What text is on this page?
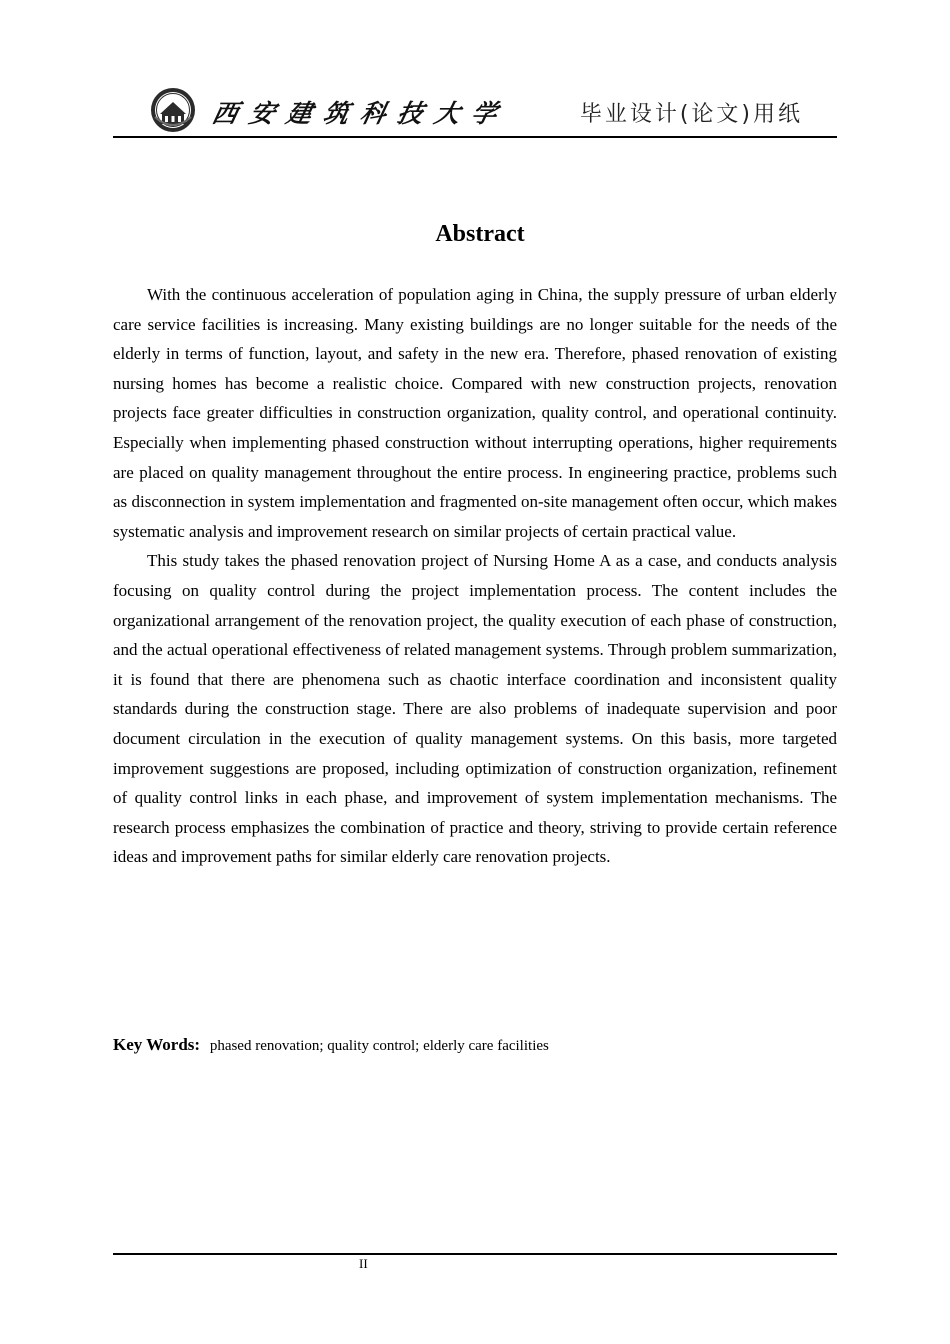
西安建筑科技大学	毕业设计(论文)用纸
Abstract

With the continuous acceleration of population aging in China, the supply pressure of urban elderly care service facilities is increasing. Many existing buildings are no longer suitable for the needs of the elderly in terms of function, layout, and safety in the new era. Therefore, phased renovation of existing nursing homes has become a realistic choice. Compared with new construction projects, renovation projects face greater difficulties in construction organization, quality control, and operational continuity. Especially when implementing phased construction without interrupting operations, higher requirements are placed on quality management throughout the entire process. In engineering practice, problems such as disconnection in system implementation and fragmented on-site management often occur, which makes systematic analysis and improvement research on similar projects of certain practical value.

This study takes the phased renovation project of Nursing Home A as a case, and conducts analysis focusing on quality control during the project implementation process. The content includes the organizational arrangement of the renovation project, the quality execution of each phase of construction, and the actual operational effectiveness of related management systems. Through problem summarization, it is found that there are phenomena such as chaotic interface coordination and inconsistent quality standards during the construction stage. There are also problems of inadequate supervision and poor document circulation in the execution of quality management systems. On this basis, more targeted improvement suggestions are proposed, including optimization of construction organization, refinement of quality control links in each phase, and improvement of system implementation mechanisms. The research process emphasizes the combination of practice and theory, striving to provide certain reference ideas and improvement paths for similar elderly care renovation projects.

Key Words: phased renovation; quality control; elderly care facilities
II
